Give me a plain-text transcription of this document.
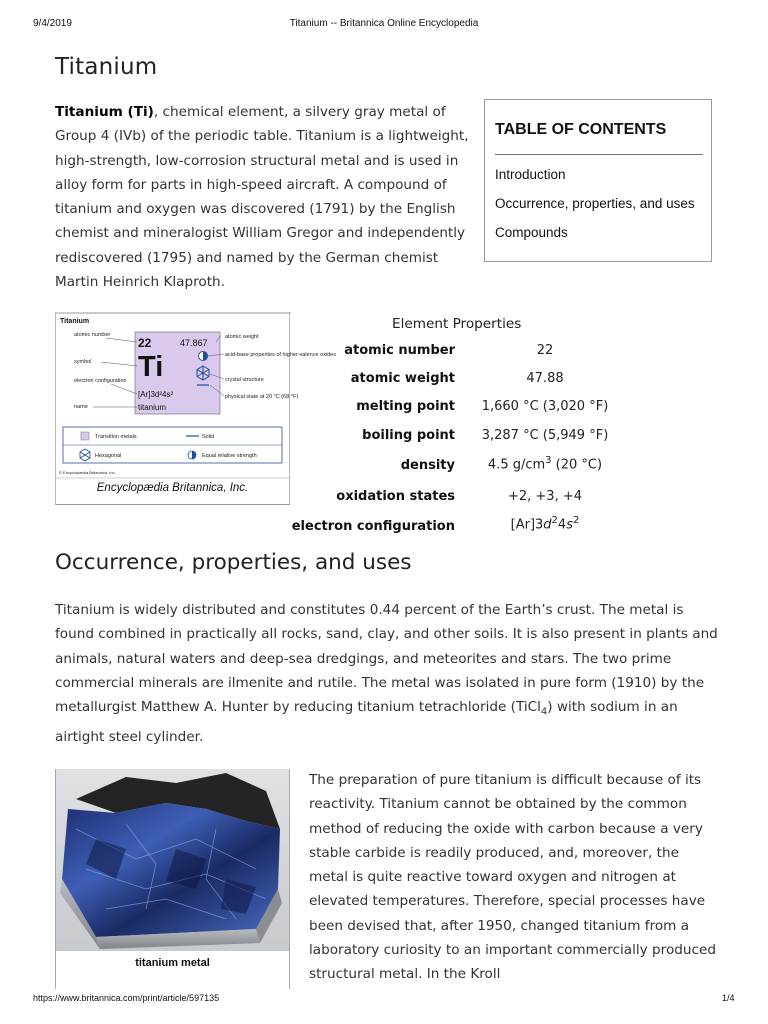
9/4/2019	Titanium -- Britannica Online Encyclopedia
Titanium

Titanium (Ti), chemical element, a silvery gray metal of Group 4 (IVb) of the periodic table. Titanium is a lightweight, high-strength, low-corrosion structural metal and is used in alloy form for parts in high-speed aircraft. A compound of titanium and oxygen was discovered (1791) by the English chemist and mineralogist William Gregor and independently rediscovered (1795) and named by the German chemist Martin Heinrich Klaproth.

TABLE OF CONTENTS
Introduction
Occurrence, properties, and uses
Compounds
Titanium
22	47.867
Ti
[Ar]3d²4s²
titanium
atomic number
symbol
electron configuration
name
atomic weight
acid-base properties of higher-valence oxides
crystal structure
physical state at 20 °C (68 °F)
Transition metals	Solid
Hexagonal	Equal relative strength
© Encyclopædia Britannica, Inc.
Encyclopædia Britannica, Inc.
Element Properties
atomic number	22
atomic weight	47.88
melting point 1,660 °C (3,020 °F)
boiling point 3,287 °C (5,949 °F)
density	4.5 $g/cm^3$ (20 °C)
oxidation states	+2, +3, +4
electron configuration	$[Ar]3d^24s^2$
Occurrence, properties, and uses

Titanium is widely distributed and constitutes 0.44 percent of the Earth’s crust. The metal is found combined in practically all rocks, sand, clay, and other soils. It is also present in plants and animals, natural waters and deep-sea dredgings, and meteorites and stars. The two prime commercial minerals are ilmenite and rutile. The metal was isolated in pure form (1910) by the metallurgist Matthew A. Hunter by reducing titanium tetrachloride (TiCl$_4$) with sodium in an airtight steel cylinder.

titanium metal

The preparation of pure titanium is difficult because of its reactivity. Titanium cannot be obtained by the common method of reducing the oxide with carbon because a very stable carbide is readily produced, and, moreover, the metal is quite reactive toward oxygen and nitrogen at elevated temperatures. Therefore, special processes have been devised that, after 1950, changed titanium from a laboratory curiosity to an important commercially produced structural metal. In the Kroll

https://www.britannica.com/print/article/597135	1/4
